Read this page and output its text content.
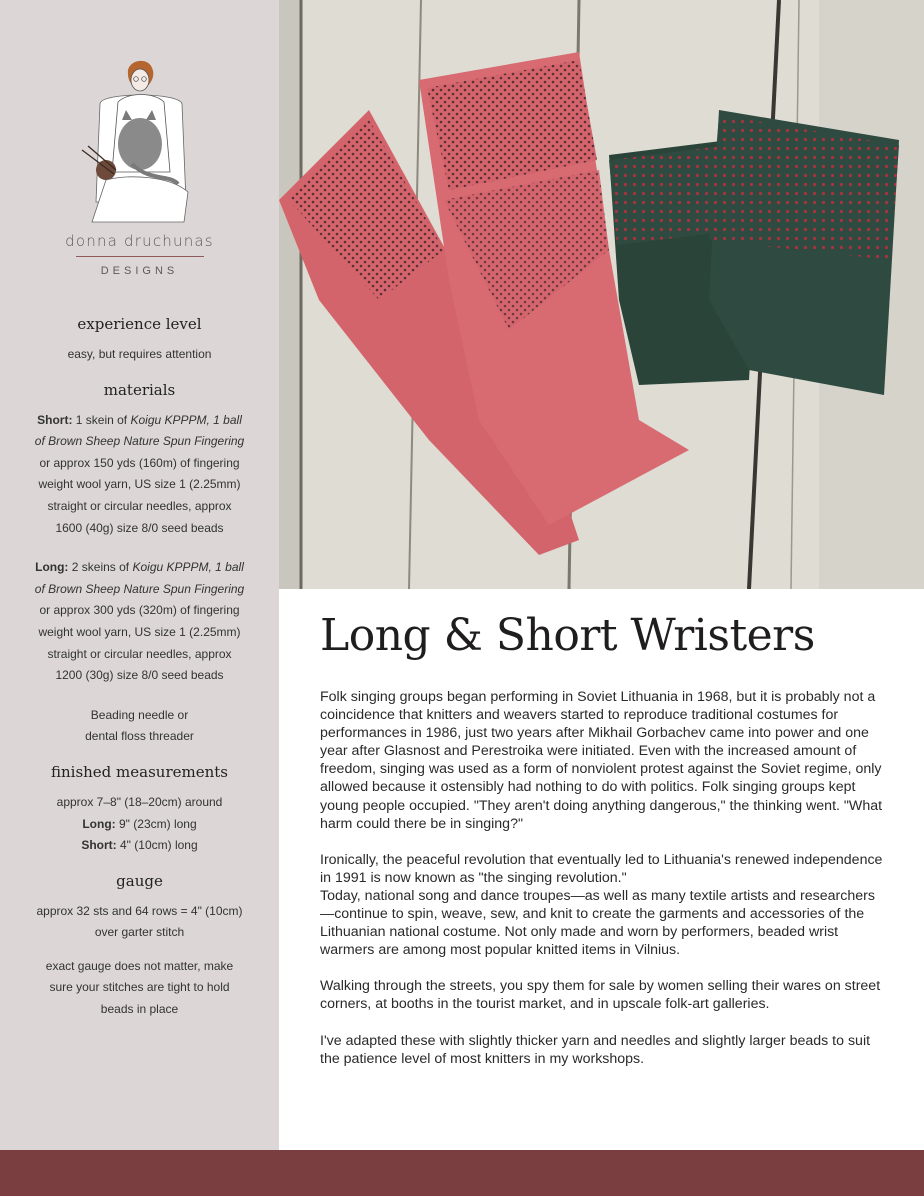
donna druchunas
DESIGNS
experience level

easy, but requires attention

materials

Short: 1 skein of Koigu KPPPM, 1 ball of Brown Sheep Nature Spun Fingering or approx 150 yds (160m) of fingering weight wool yarn, US size 1 (2.25mm) straight or circular needles, approx 1600 (40g) size 8/0 seed beads

Long: 2 skeins of Koigu KPPPM, 1 ball of Brown Sheep Nature Spun Fingering or approx 300 yds (320m) of fingering weight wool yarn, US size 1 (2.25mm) straight or circular needles, approx 1200 (30g) size 8/0 seed beads

Beading needle or
dental floss threader

finished measurements

approx 7–8" (18–20cm) around
Long: 9" (23cm) long
Short: 4" (10cm) long

gauge

approx 32 sts and 64 rows = 4" (10cm) over garter stitch

exact gauge does not matter, make sure your stitches are tight to hold beads in place

Long & Short Wristers

Folk singing groups began performing in Soviet Lithuania in 1968, but it is probably not a coincidence that knitters and weavers started to reproduce traditional costumes for performances in 1986, just two years after Mikhail Gorbachev came into power and one year after Glasnost and Perestroika were initiated. Even with the increased amount of freedom, singing was used as a form of nonviolent protest against the Soviet regime, only allowed because it ostensibly had nothing to do with politics. Folk singing groups kept young people occupied. "They aren't doing anything dangerous," the thinking went. "What harm could there be in singing?"

Ironically, the peaceful revolution that eventually led to Lithuania's renewed independence in 1991 is now known as "the singing revolution."

Today, national song and dance troupes—as well as many textile artists and researchers—continue to spin, weave, sew, and knit to create the garments and accessories of the Lithuanian national costume. Not only made and worn by performers, beaded wrist warmers are among most popular knitted items in Vilnius.

Walking through the streets, you spy them for sale by women selling their wares on street corners, at booths in the tourist market, and in upscale folk-art galleries.

I've adapted these with slightly thicker yarn and needles and slightly larger beads to suit the patience level of most knitters in my workshops.
